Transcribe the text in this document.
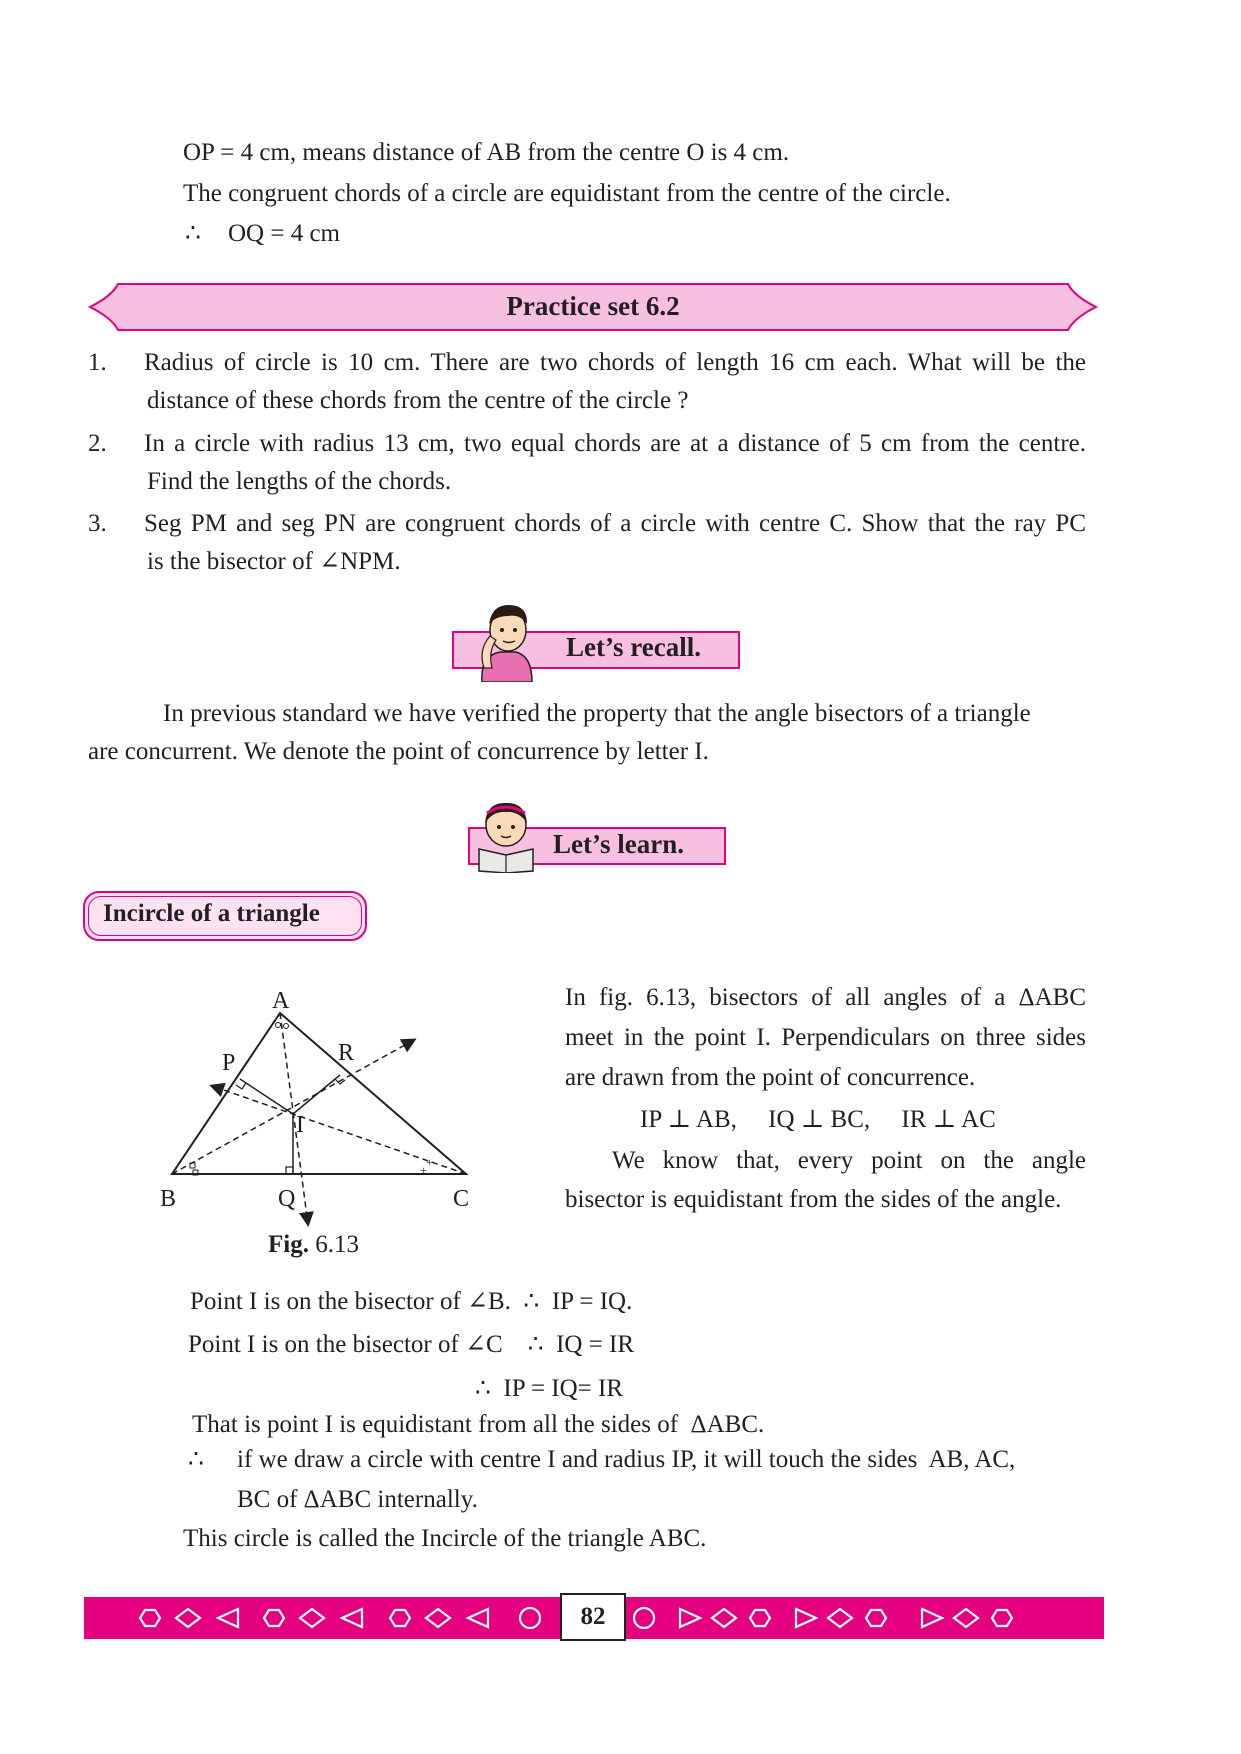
OP = 4 cm, means distance of AB from the centre O is 4 cm.
The congruent chords of a circle are equidistant from the centre of the circle.
∴ OQ = 4 cm
Practice set 6.2
1. Radius of circle is 10 cm. There are two chords of length 16 cm each. What will be the
distance of these chords from the centre of the circle ?
2. In a circle with radius 13 cm, two equal chords are at a distance of 5 cm from the centre.
Find the lengths of the chords.
3. Seg PM and seg PN are congruent chords of a circle with centre C. Show that the ray PC
is the bisector of ∠NPM.
Let’s recall.
In previous standard we have verified the property that the angle bisectors of a triangle
are concurrent. We denote the point of concurrence by letter I.
Let’s learn.
Incircle of a triangle
+
+
A
B	C
P
Q
R
I
Fig. 6.13
In fig. 6.13, bisectors of all angles of a ΔABC
meet in the point I. Perpendiculars on three sides
are drawn from the point of concurrence.
IP ⊥ AB,     IQ ⊥ BC,     IR ⊥ AC
We know that, every point on the angle
bisector is equidistant from the sides of the angle.
Point I is on the bisector of ∠B.  ∴  IP = IQ.
Point I is on the bisector of ∠C    ∴  IQ = IR
∴  IP = IQ= IR
That is point I is equidistant from all the sides of  ΔABC.
∴ if we draw a circle with centre I and radius IP, it will touch the sides  AB, AC,
BC of ΔABC internally.
This circle is called the Incircle of the triangle ABC.
82
